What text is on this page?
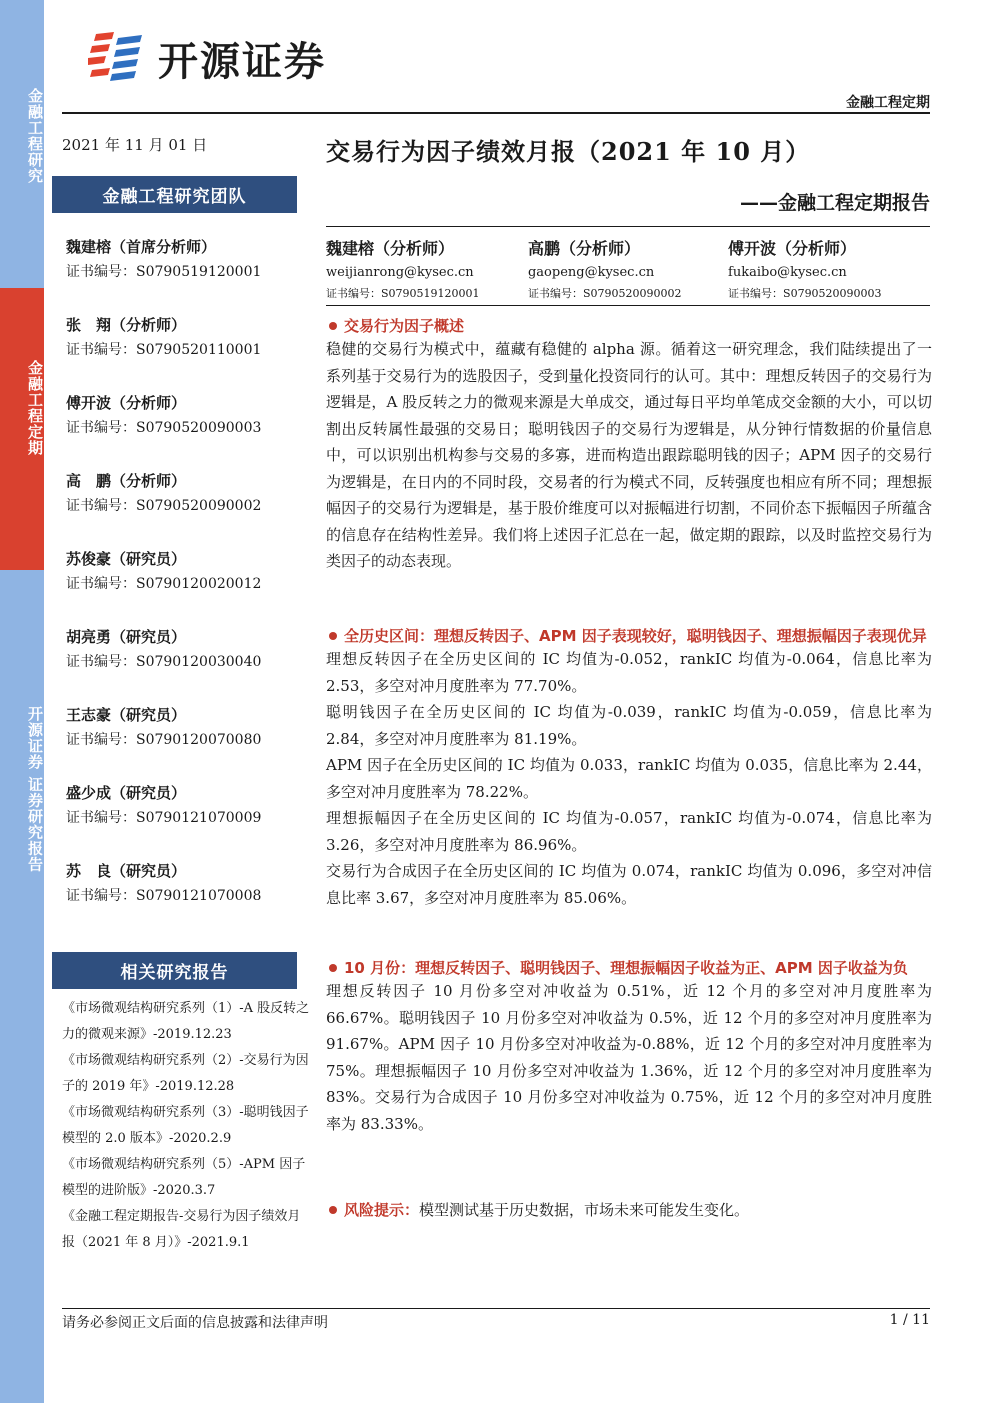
金融工程研究
金融工程定期
开源证券 证券研究报告
开源证券
金融工程定期
2021 年 11 月 01 日
金融工程研究团队
魏建榕（首席分析师）
证书编号：S0790519120001
张　翔（分析师）
证书编号：S0790520110001
傅开波（分析师）
证书编号：S0790520090003
高　鹏（分析师）
证书编号：S0790520090002
苏俊豪（研究员）
证书编号：S0790120020012
胡亮勇（研究员）
证书编号：S0790120030040
王志豪（研究员）
证书编号：S0790120070080
盛少成（研究员）
证书编号：S0790121070009
苏　良（研究员）
证书编号：S0790121070008
相关研究报告

《市场微观结构研究系列（1）-A 股反转之力的微观来源》-2019.12.23

《市场微观结构研究系列（2）-交易行为因子的 2019 年》-2019.12.28

《市场微观结构研究系列（3）-聪明钱因子模型的 2.0 版本》-2020.2.9

《市场微观结构研究系列（5）-APM 因子模型的进阶版》-2020.3.7

《金融工程定期报告-交易行为因子绩效月报（2021 年 8 月）》-2021.9.1

交易行为因子绩效月报（2021 年 10 月）
——金融工程定期报告
魏建榕（分析师）
weijianrong@kysec.cn
证书编号：S0790519120001
高鹏（分析师）
gaopeng@kysec.cn
证书编号：S0790520090002
傅开波（分析师）
fukaibo@kysec.cn
证书编号：S0790520090003
交易行为因子概述
稳健的交易行为模式中，蕴藏有稳健的 alpha 源。循着这一研究理念，我们陆续提出了一系列基于交易行为的选股因子，受到量化投资同行的认可。其中：理想反转因子的交易行为逻辑是，A 股反转之力的微观来源是大单成交，通过每日平均单笔成交金额的大小，可以切割出反转属性最强的交易日；聪明钱因子的交易行为逻辑是，从分钟行情数据的价量信息中，可以识别出机构参与交易的多寡，进而构造出跟踪聪明钱的因子；APM 因子的交易行为逻辑是，在日内的不同时段，交易者的行为模式不同，反转强度也相应有所不同；理想振幅因子的交易行为逻辑是，基于股价维度可以对振幅进行切割，不同价态下振幅因子所蕴含的信息存在结构性差异。我们将上述因子汇总在一起，做定期的跟踪，以及时监控交易行为类因子的动态表现。
全历史区间：理想反转因子、APM 因子表现较好，聪明钱因子、理想振幅因子表现优异
理想反转因子在全历史区间的 IC 均值为-0.052，rankIC 均值为-0.064，信息比率为 2.53，多空对冲月度胜率为 77.70%。
聪明钱因子在全历史区间的 IC 均值为-0.039，rankIC 均值为-0.059，信息比率为 2.84，多空对冲月度胜率为 81.19%。
APM 因子在全历史区间的 IC 均值为 0.033，rankIC 均值为 0.035，信息比率为 2.44，多空对冲月度胜率为 78.22%。
理想振幅因子在全历史区间的 IC 均值为-0.057，rankIC 均值为-0.074，信息比率为 3.26，多空对冲月度胜率为 86.96%。
交易行为合成因子在全历史区间的 IC 均值为 0.074，rankIC 均值为 0.096，多空对冲信息比率 3.67，多空对冲月度胜率为 85.06%。
10 月份：理想反转因子、聪明钱因子、理想振幅因子收益为正、APM 因子收益为负
理想反转因子 10 月份多空对冲收益为 0.51%，近 12 个月的多空对冲月度胜率为 66.67%。聪明钱因子 10 月份多空对冲收益为 0.5%，近 12 个月的多空对冲月度胜率为 91.67%。APM 因子 10 月份多空对冲收益为-0.88%，近 12 个月的多空对冲月度胜率为 75%。理想振幅因子 10 月份多空对冲收益为 1.36%，近 12 个月的多空对冲月度胜率为 83%。交易行为合成因子 10 月份多空对冲收益为 0.75%，近 12 个月的多空对冲月度胜率为 83.33%。
风险提示：模型测试基于历史数据，市场未来可能发生变化。
请务必参阅正文后面的信息披露和法律声明	1 / 11
